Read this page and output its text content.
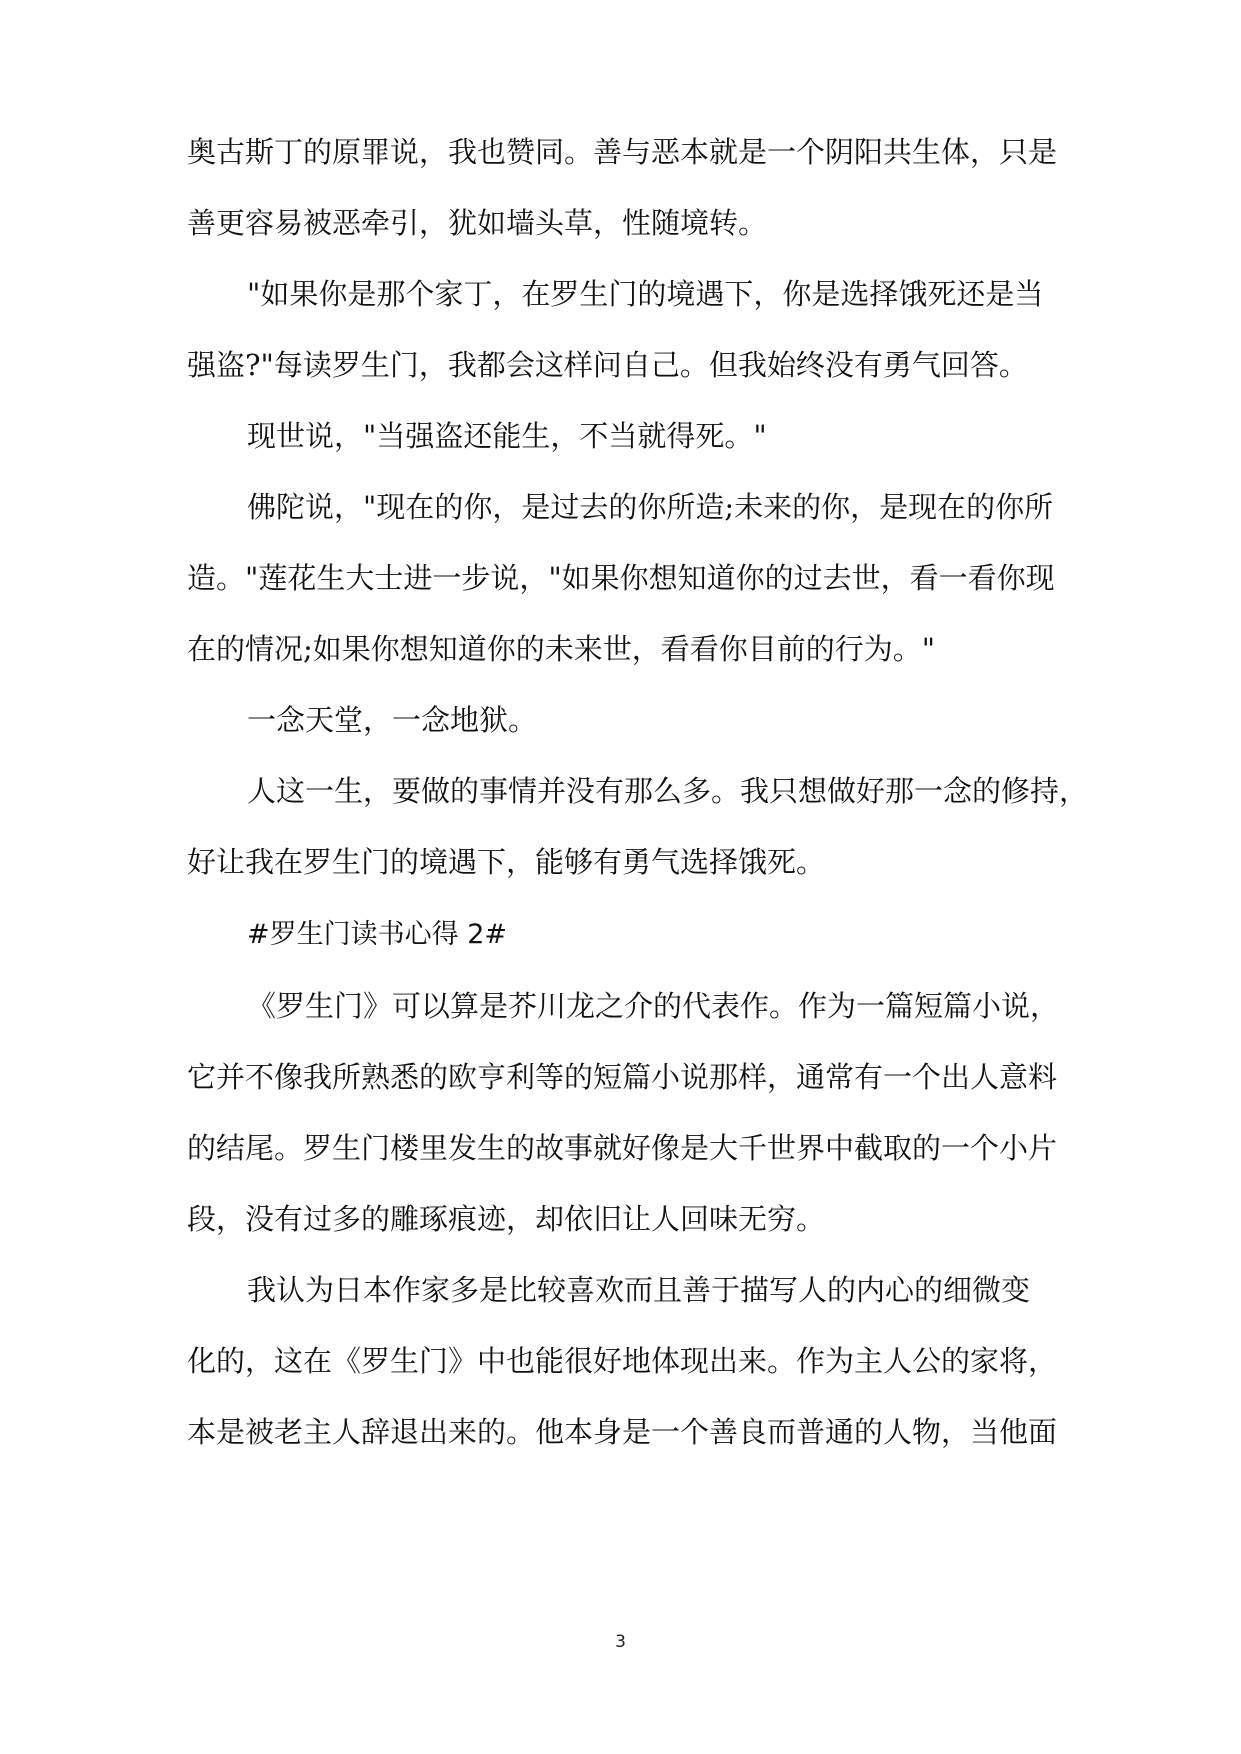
奥古斯丁的原罪说，我也赞同。善与恶本就是一个阴阳共生体，只是
善更容易被恶牵引，犹如墙头草，性随境转。
"如果你是那个家丁，在罗生门的境遇下，你是选择饿死还是当
强盗?"每读罗生门，我都会这样问自己。但我始终没有勇气回答。
现世说，"当强盗还能生，不当就得死。"
佛陀说，"现在的你，是过去的你所造;未来的你，是现在的你所
造。"莲花生大士进一步说，"如果你想知道你的过去世，看一看你现
在的情况;如果你想知道你的未来世，看看你目前的行为。"
一念天堂，一念地狱。
人这一生，要做的事情并没有那么多。我只想做好那一念的修持，
好让我在罗生门的境遇下，能够有勇气选择饿死。
#罗生门读书心得 2#
《罗生门》可以算是芥川龙之介的代表作。作为一篇短篇小说，
它并不像我所熟悉的欧亨利等的短篇小说那样，通常有一个出人意料
的结尾。罗生门楼里发生的故事就好像是大千世界中截取的一个小片
段，没有过多的雕琢痕迹，却依旧让人回味无穷。
我认为日本作家多是比较喜欢而且善于描写人的内心的细微变
化的，这在《罗生门》中也能很好地体现出来。作为主人公的家将，
本是被老主人辞退出来的。他本身是一个善良而普通的人物，当他面
3
